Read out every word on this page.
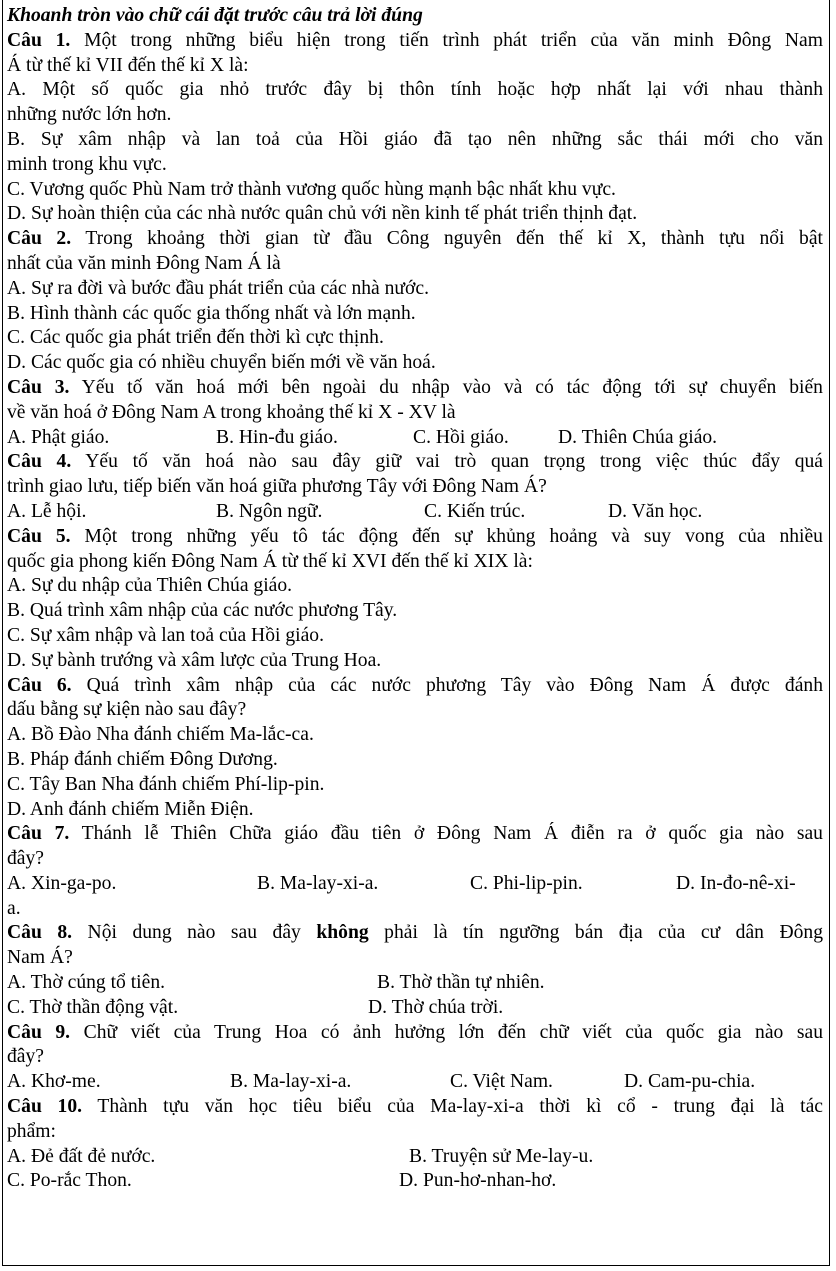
Khoanh tròn vào chữ cái đặt trước câu trả lời đúng
Câu 1. Một trong những biểu hiện trong tiến trình phát triển của văn minh Đông Nam
Á từ thế kỉ VII đến thế kỉ X là:
A. Một số quốc gia nhỏ trước đây bị thôn tính hoặc hợp nhất lại với nhau thành
những nước lớn hơn.
B. Sự xâm nhập và lan toả của Hồi giáo đã tạo nên những sắc thái mới cho văn
minh trong khu vực.
C. Vương quốc Phù Nam trở thành vương quốc hùng mạnh bậc nhất khu vực.
D. Sự hoàn thiện của các nhà nước quân chủ với nền kinh tế phát triển thịnh đạt.
Câu 2. Trong khoảng thời gian từ đầu Công nguyên đến thế kỉ X, thành tựu nổi bật
nhất của văn minh Đông Nam Á là
A. Sự ra đời và bước đầu phát triển của các nhà nước.
B. Hình thành các quốc gia thống nhất và lớn mạnh.
C. Các quốc gia phát triển đến thời kì cực thịnh.
D. Các quốc gia có nhiều chuyển biến mới về văn hoá.
Câu 3. Yếu tố văn hoá mới bên ngoài du nhập vào và có tác động tới sự chuyển biến
về văn hoá ở Đông Nam A trong khoảng thế kỉ X - XV là
A. Phật giáo.	B. Hin-đu giáo.	C. Hồi giáo.	D. Thiên Chúa giáo.
Câu 4. Yếu tố văn hoá nào sau đây giữ vai trò quan trọng trong việc thúc đẩy quá
trình giao lưu, tiếp biến văn hoá giữa phương Tây với Đông Nam Á?
A. Lễ hội.	B. Ngôn ngữ.	C. Kiến trúc.	D. Văn học.
Câu 5. Một trong những yếu tô tác động đến sự khủng hoảng và suy vong của nhiều
quốc gia phong kiến Đông Nam Á từ thế kỉ XVI đến thế kỉ XIX là:
A. Sự du nhập của Thiên Chúa giáo.
B. Quá trình xâm nhập của các nước phương Tây.
C. Sự xâm nhập và lan toả của Hồi giáo.
D. Sự bành trướng và xâm lược của Trung Hoa.
Câu 6. Quá trình xâm nhập của các nước phương Tây vào Đông Nam Á được đánh
dấu bằng sự kiện nào sau đây?
A. Bồ Đào Nha đánh chiếm Ma-lắc-ca.
B. Pháp đánh chiếm Đông Dương.
C. Tây Ban Nha đánh chiếm Phí-lip-pin.
D. Anh đánh chiếm Miễn Điện.
Câu 7. Thánh lễ Thiên Chữa giáo đầu tiên ở Đông Nam Á điễn ra ở quốc gia nào sau
đây?
A. Xin-ga-po.	B. Ma-lay-xi-a.	C. Phi-lip-pin.	D. In-đo-nê-xi-
a.
Câu 8. Nội dung nào sau đây không phải là tín ngưỡng bán địa của cư dân Đông
Nam Á?
A. Thờ cúng tổ tiên.	B. Thờ thần tự nhiên.
C. Thờ thần động vật.	D. Thờ chúa trời.
Câu 9. Chữ viết của Trung Hoa có ảnh hưởng lớn đến chữ viết của quốc gia nào sau
đây?
A. Khơ-me.	B. Ma-lay-xi-a.	C. Việt Nam.	D. Cam-pu-chia.
Câu 10. Thành tựu văn học tiêu biểu của Ma-lay-xi-a thời kì cổ - trung đại là tác
phẩm:
A. Đẻ đất đẻ nước.	B. Truyện sử Me-lay-u.
C. Po-rắc Thon.	D. Pun-hơ-nhan-hơ.
